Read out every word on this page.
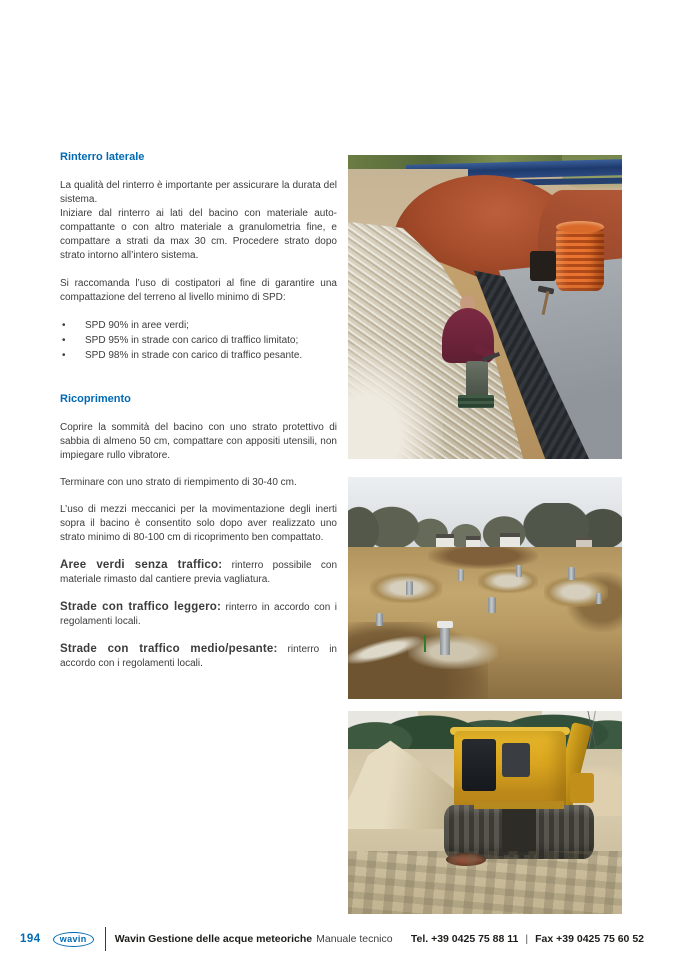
Rinterro laterale

La qualità del rinterro è importante per assicurare la durata del sistema.

Iniziare dal rinterro ai lati del bacino con materiale auto-compattante o con altro materiale a granulometria fine, e compattare a strati da max 30 cm. Procedere strato dopo strato intorno all’intero sistema.

Si raccomanda l’uso di costipatori al fine di garantire una compattazione del terreno al livello minimo di SPD:

• SPD 90% in aree verdi;
• SPD 95% in strade con carico di traffico limitato;
• SPD 98% in strade con carico di traffico pesante.
Ricoprimento

Coprire la sommità del bacino con uno strato protettivo di sabbia di almeno 50 cm, compattare con appositi utensili, non impiegare rullo vibratore.

Terminare con uno strato di riempimento di 30-40 cm.

L’uso di mezzi meccanici per la movimentazione degli inerti sopra il bacino è consentito solo dopo aver realizzato uno strato minimo di 80-100 cm di ricoprimento ben compattato.

Aree verdi senza traffico: rinterro possibile con materiale rimasto dal cantiere previa vagliatura.

Strade con traffico leggero: rinterro in accordo con i regolamenti locali.

Strade con traffico medio/pesante: rinterro in accordo con i regolamenti locali.

194	wavin	Wavin Gestione delle acque meteoriche Manuale tecnico Tel. +39 0425 75 88 11 | Fax +39 0425 75 60 52
